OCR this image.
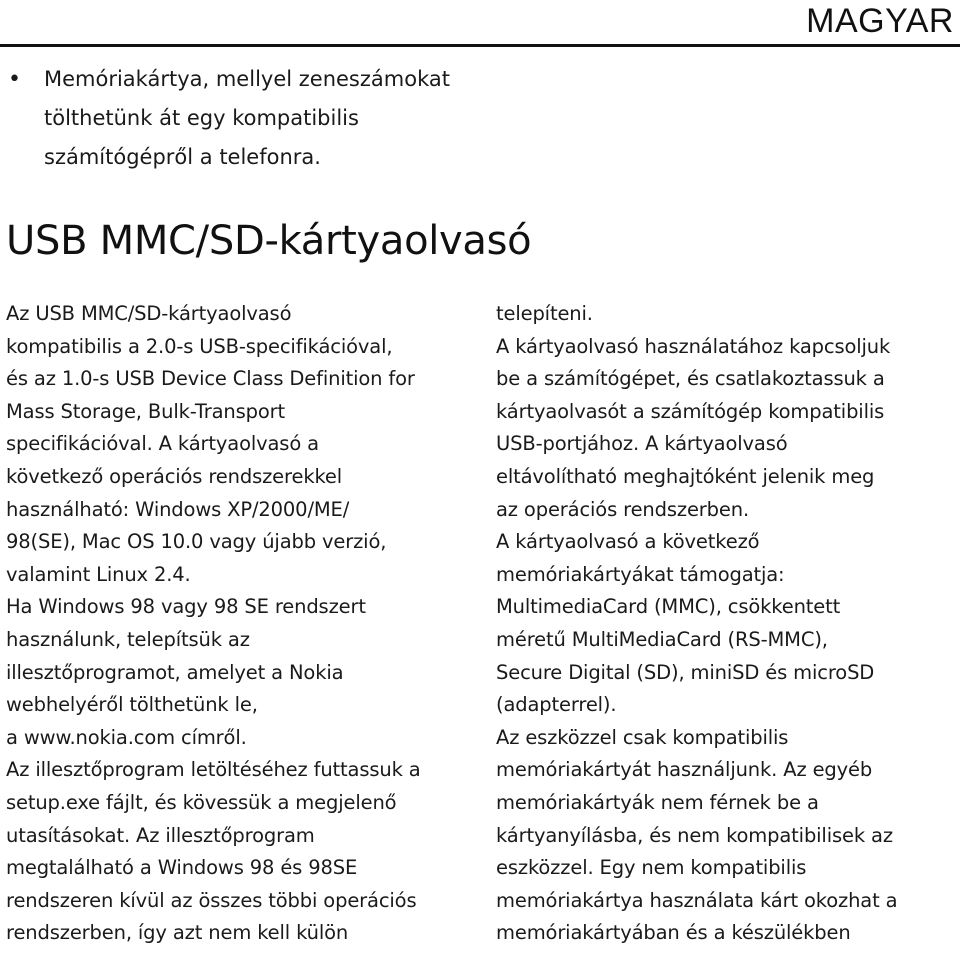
MAGYAR
• Memóriakártya, mellyel zeneszámokat
tölthetünk át egy kompatibilis
számítógépről a telefonra.
USB MMC/SD-kártyaolvasó

Az USB MMC/SD-kártyaolvasó
kompatibilis a 2.0-s USB-specifikációval,
és az 1.0-s USB Device Class Definition for
Mass Storage, Bulk-Transport
specifikációval. A kártyaolvasó a
következő operációs rendszerekkel
használható: Windows XP/2000/ME/
98(SE), Mac OS 10.0 vagy újabb verzió,
valamint Linux 2.4.

Ha Windows 98 vagy 98 SE rendszert
használunk, telepítsük az
illesztőprogramot, amelyet a Nokia
webhelyéről tölthetünk le,
a www.nokia.com címről.

Az illesztőprogram letöltéséhez futtassuk a
setup.exe fájlt, és kövessük a megjelenő
utasításokat. Az illesztőprogram
megtalálható a Windows 98 és 98SE
rendszeren kívül az összes többi operációs
rendszerben, így azt nem kell külön

telepíteni.

A kártyaolvasó használatához kapcsoljuk
be a számítógépet, és csatlakoztassuk a
kártyaolvasót a számítógép kompatibilis
USB-portjához. A kártyaolvasó
eltávolítható meghajtóként jelenik meg
az operációs rendszerben.

A kártyaolvasó a következő
memóriakártyákat támogatja:
MultimediaCard (MMC), csökkentett
méretű MultiMediaCard (RS-MMC),
Secure Digital (SD), miniSD és microSD
(adapterrel).

Az eszközzel csak kompatibilis
memóriakártyát használjunk. Az egyéb
memóriakártyák nem férnek be a
kártyanyílásba, és nem kompatibilisek az
eszközzel. Egy nem kompatibilis
memóriakártya használata kárt okozhat a
memóriakártyában és a készülékben
